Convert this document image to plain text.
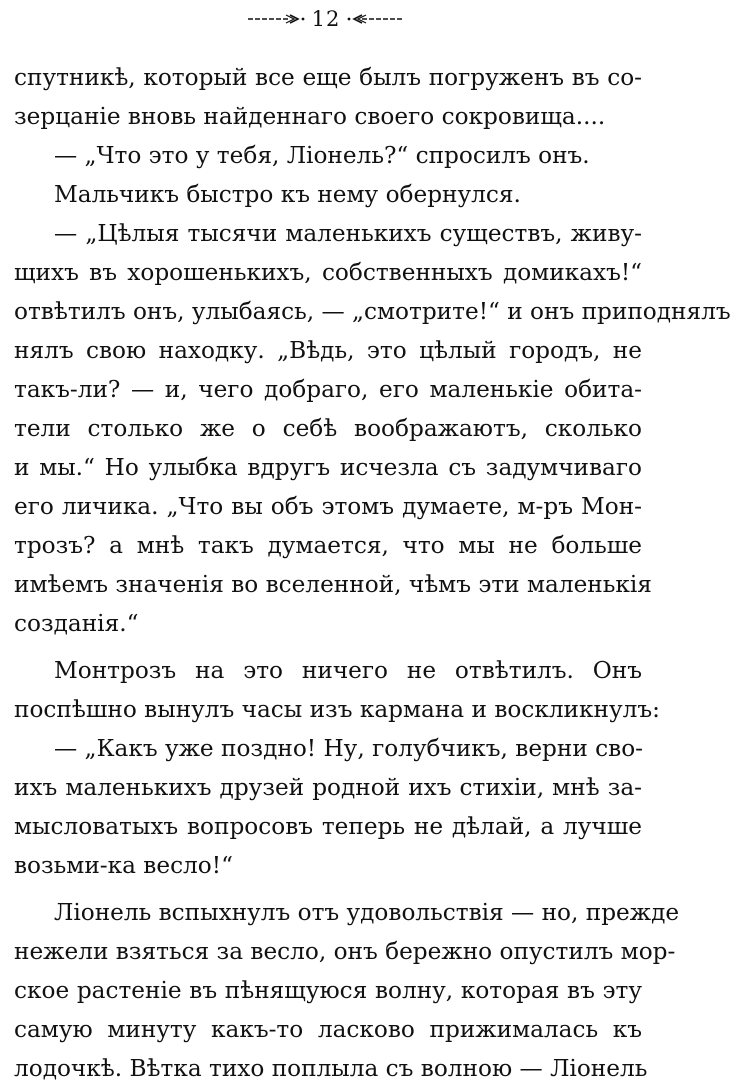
12
спутникѣ, который все еще былъ погруженъ въ со-
зерцаніе вновь найденнаго своего сокровища....
— „Что это у тебя, Ліонель?“ спросилъ онъ.
Мальчикъ быстро къ нему обернулся.
— „Цѣлыя тысячи маленькихъ существъ, живу-
щихъ въ хорошенькихъ, собственныхъ домикахъ!“
отвѣтилъ онъ, улыбаясь, — „смотрите!“ и онъ приподнялъ
нялъ свою находку. „Вѣдь, это цѣлый городъ, не
такъ-ли? — и, чего добраго, его маленькіе обита-
тели столько же о себѣ воображаютъ, сколько
и мы.“ Но улыбка вдругъ исчезла съ задумчиваго
его личика. „Что вы объ этомъ думаете, м-ръ Мон-
трозъ? а мнѣ такъ думается, что мы не больше
имѣемъ значенія во вселенной, чѣмъ эти маленькія
созданія.“
Монтрозъ на это ничего не отвѣтилъ. Онъ
поспѣшно вынулъ часы изъ кармана и воскликнулъ:
— „Какъ уже поздно! Ну, голубчикъ, верни сво-
ихъ маленькихъ друзей родной ихъ стихіи, мнѣ за-
мысловатыхъ вопросовъ теперь не дѣлай, а лучше
возьми-ка весло!“
Ліонель вспыхнулъ отъ удовольствія — но, прежде
нежели взяться за весло, онъ бережно опустилъ мор-
ское растеніе въ пѣнящуюся волну, которая въ эту
самую минуту какъ-то ласково прижималась къ
лодочкѣ. Вѣтка тихо поплыла съ волною — Ліонель
